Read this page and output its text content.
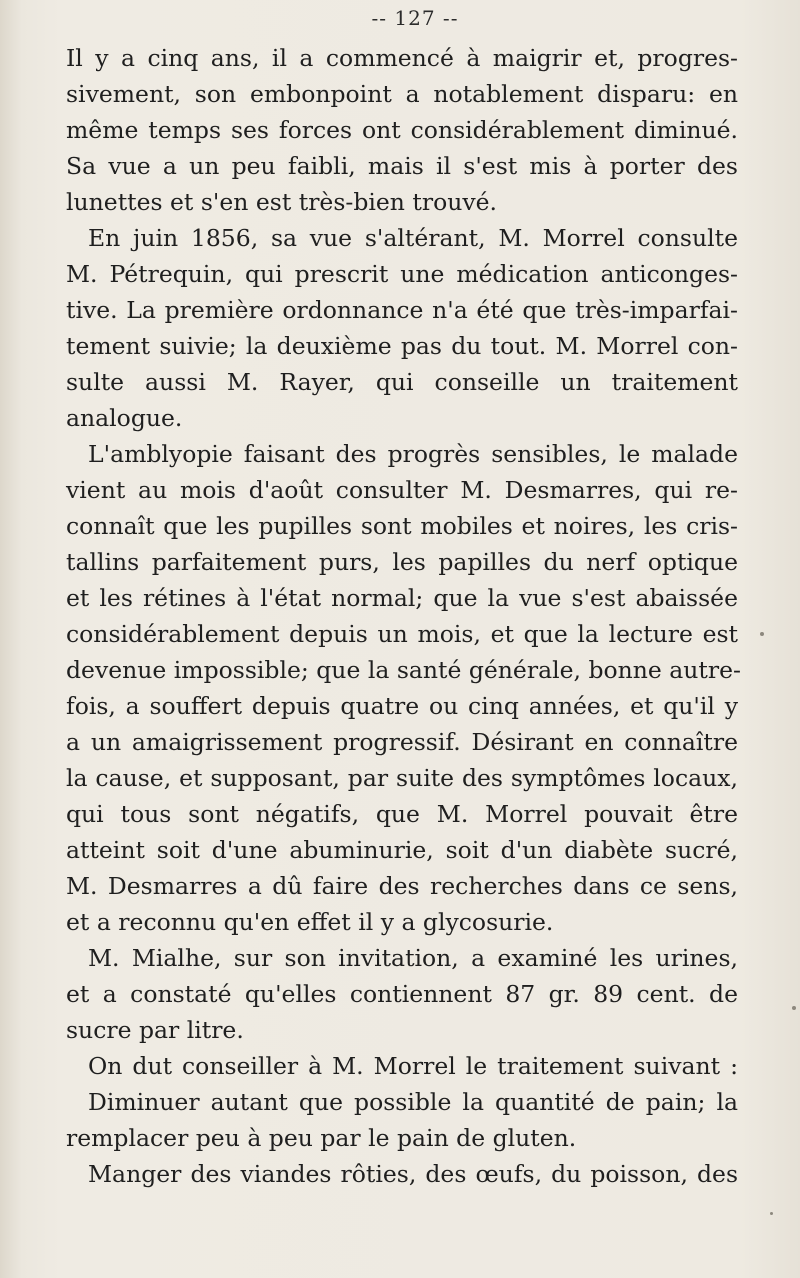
-- 127 --
Il y a cinq ans, il a commencé à maigrir et, progres-
sivement, son embonpoint a notablement disparu: en
même temps ses forces ont considérablement diminué.
Sa vue a un peu faibli, mais il s'est mis à porter des
lunettes et s'en est très-bien trouvé.
En juin 1856, sa vue s'altérant, M. Morrel consulte
M. Pétrequin, qui prescrit une médication anticonges-
tive. La première ordonnance n'a été que très-imparfai-
tement suivie; la deuxième pas du tout. M. Morrel con-
sulte aussi M. Rayer, qui conseille un traitement
analogue.
L'amblyopie faisant des progrès sensibles, le malade
vient au mois d'août consulter M. Desmarres, qui re-
connaît que les pupilles sont mobiles et noires, les cris-
tallins parfaitement purs, les papilles du nerf optique
et les rétines à l'état normal; que la vue s'est abaissée
considérablement depuis un mois, et que la lecture est
devenue impossible; que la santé générale, bonne autre-
fois, a souffert depuis quatre ou cinq années, et qu'il y
a un amaigrissement progressif. Désirant en connaître
la cause, et supposant, par suite des symptômes locaux,
qui tous sont négatifs, que M. Morrel pouvait être
atteint soit d'une abuminurie, soit d'un diabète sucré,
M. Desmarres a dû faire des recherches dans ce sens,
et a reconnu qu'en effet il y a glycosurie.
M. Mialhe, sur son invitation, a examiné les urines,
et a constaté qu'elles contiennent 87 gr. 89 cent. de
sucre par litre.
On dut conseiller à M. Morrel le traitement suivant :
Diminuer autant que possible la quantité de pain; la
remplacer peu à peu par le pain de gluten.
Manger des viandes rôties, des œufs, du poisson, des
